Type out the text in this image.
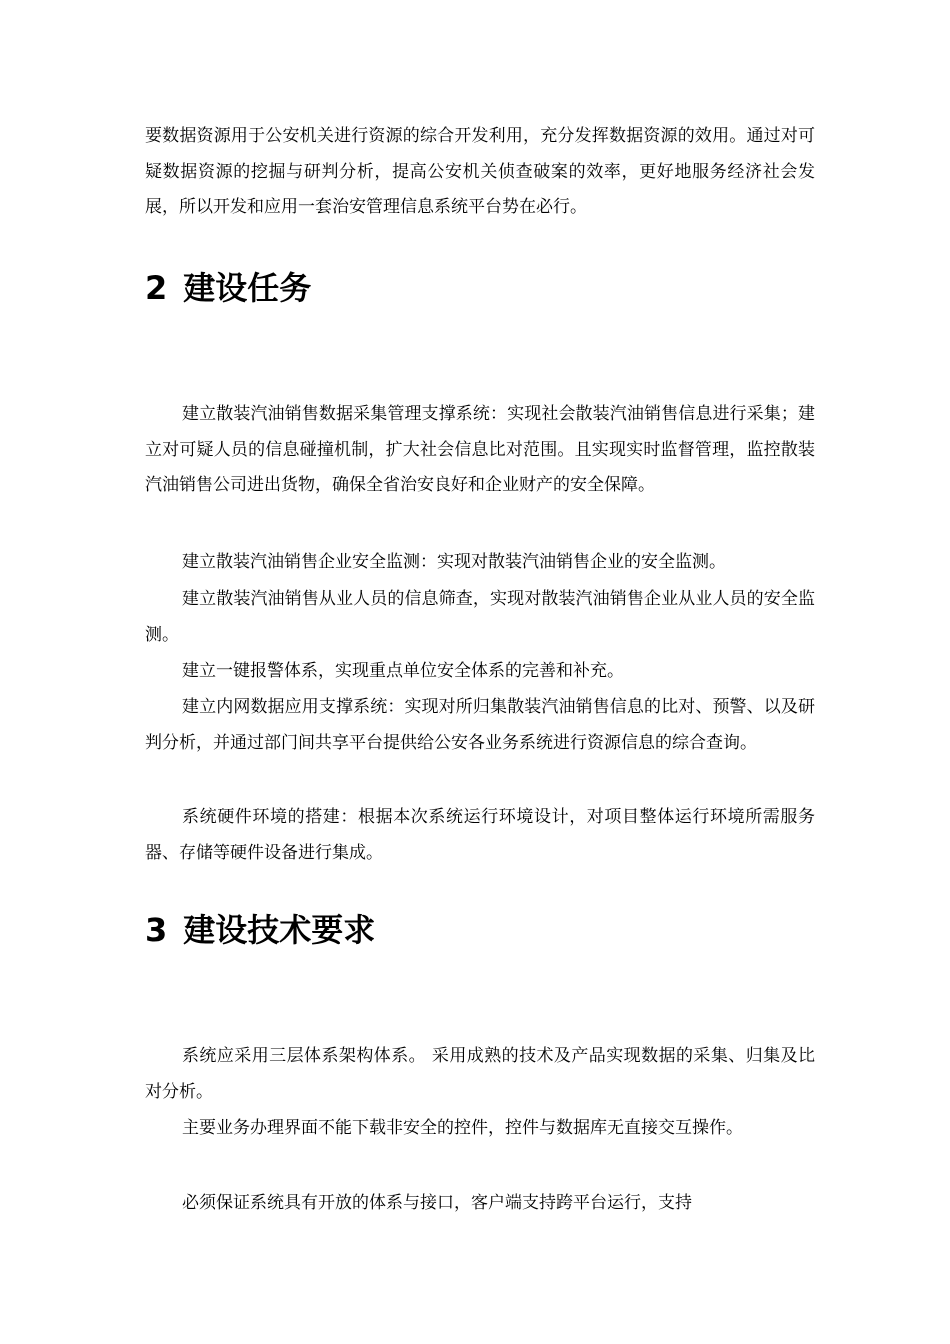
要数据资源用于公安机关进行资源的综合开发利用，充分发挥数据资源的效用。通过对可疑数据资源的挖掘与研判分析，提高公安机关侦查破案的效率，更好地服务经济社会发展，所以开发和应用一套治安管理信息系统平台势在必行。

2 建设任务

建立散装汽油销售数据采集管理支撑系统：实现社会散装汽油销售信息进行采集；建立对可疑人员的信息碰撞机制，扩大社会信息比对范围。且实现实时监督管理，监控散装汽油销售公司进出货物，确保全省治安良好和企业财产的安全保障。

建立散装汽油销售企业安全监测：实现对散装汽油销售企业的安全监测。

建立散装汽油销售从业人员的信息筛查，实现对散装汽油销售企业从业人员的安全监测。

建立一键报警体系，实现重点单位安全体系的完善和补充。

建立内网数据应用支撑系统：实现对所归集散装汽油销售信息的比对、预警、以及研判分析，并通过部门间共享平台提供给公安各业务系统进行资源信息的综合查询。

系统硬件环境的搭建：根据本次系统运行环境设计，对项目整体运行环境所需服务器、存储等硬件设备进行集成。

3 建设技术要求

系统应采用三层体系架构体系。 采用成熟的技术及产品实现数据的采集、归集及比对分析。

主要业务办理界面不能下载非安全的控件，控件与数据库无直接交互操作。

必须保证系统具有开放的体系与接口，客户端支持跨平台运行，支持
